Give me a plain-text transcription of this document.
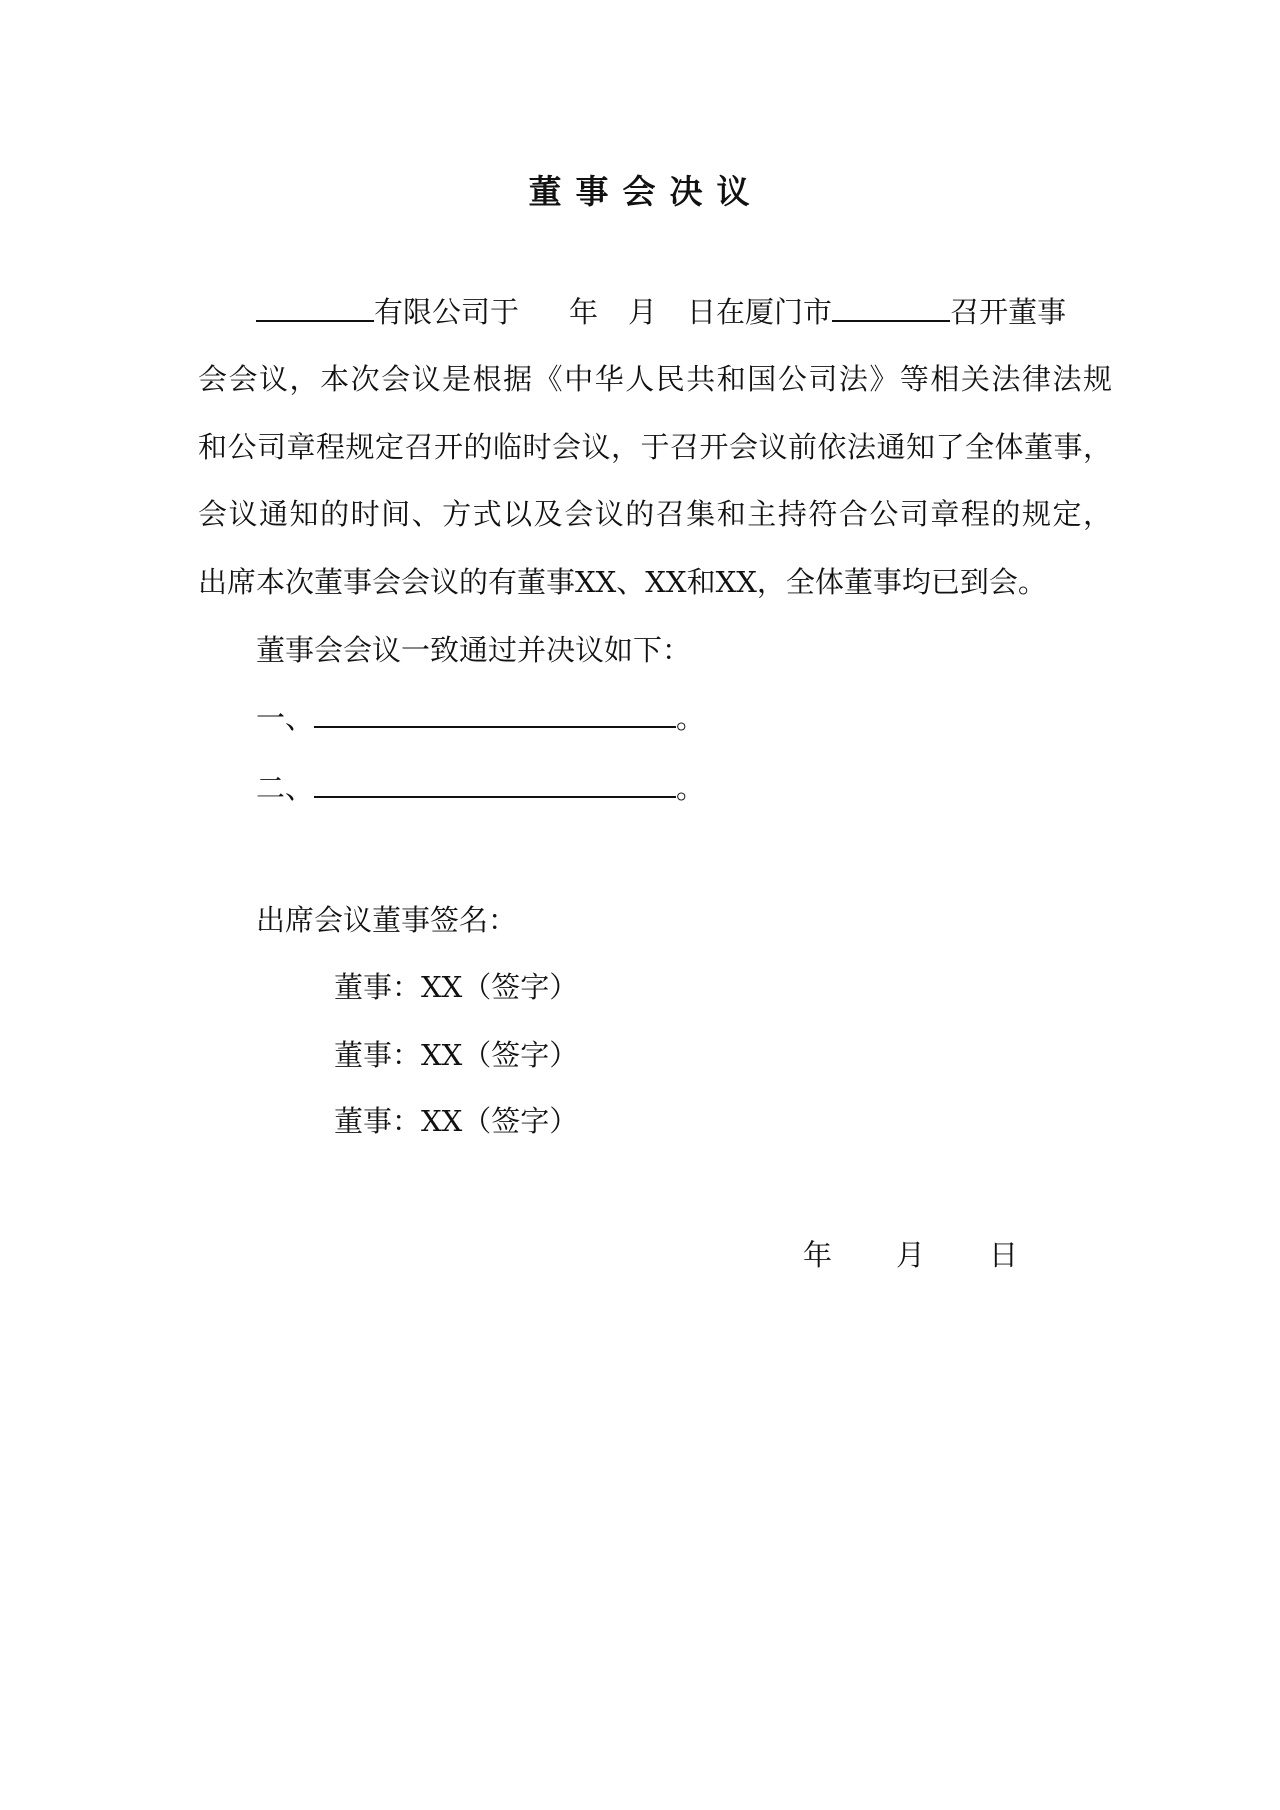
董事会决议
有限公司于 年 月 日在厦门市	召开董事
会会议，本次会议是根据《中华人民共和国公司法》等相关法律法规
和公司章程规定召开的临时会议，于召开会议前依法通知了全体董事，
会议通知的时间、方式以及会议的召集和主持符合公司章程的规定，
出席本次董事会会议的有董事XX、XX和XX，全体董事均已到会。
董事会会议一致通过并决议如下：
一、	。
二、	。
出席会议董事签名：
董事：XX（签字）
董事：XX（签字）
董事：XX（签字）
年 月 日
